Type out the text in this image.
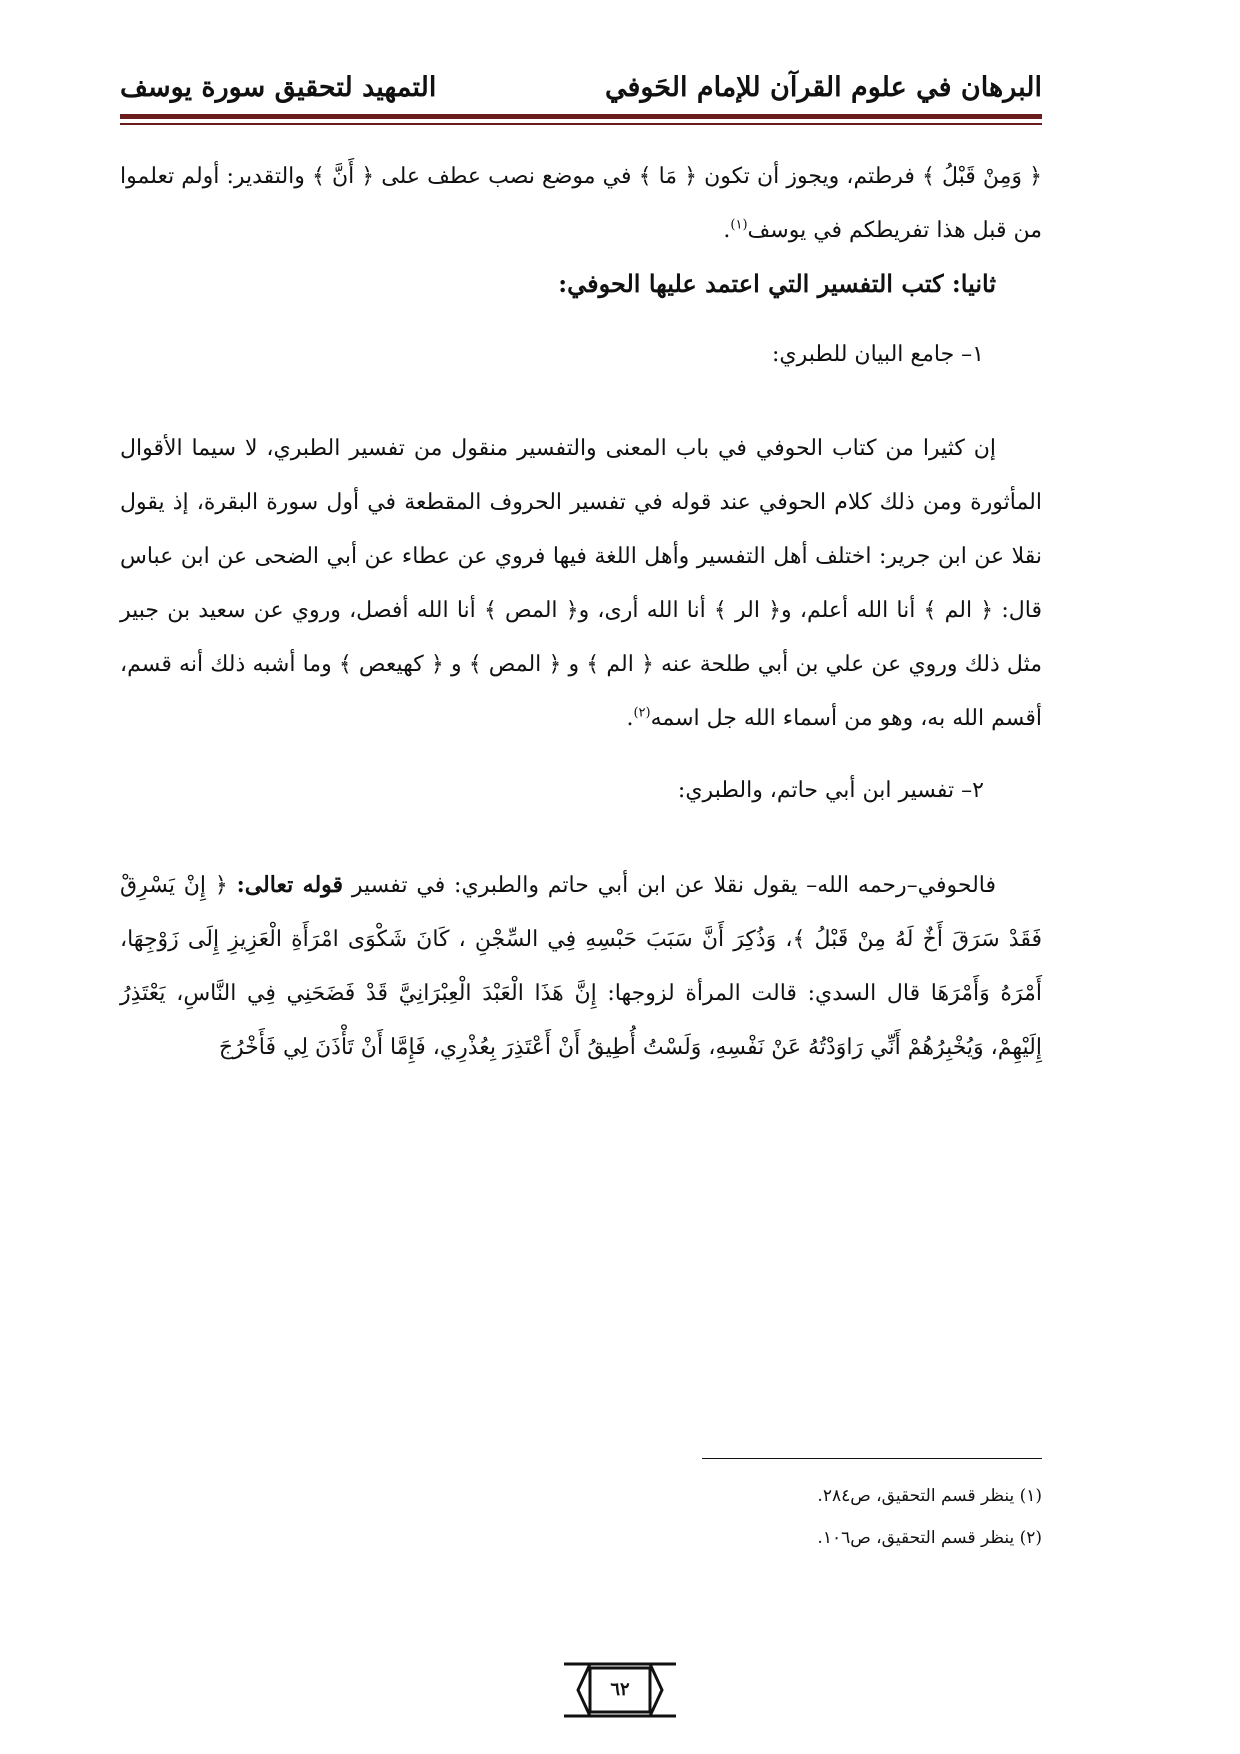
البرهان في علوم القرآن للإمام الحَوفي
التمهيد لتحقيق سورة يوسف

﴿ وَمِنْ قَبْلُ ﴾ فرطتم، ويجوز أن تكون ﴿ مَا ﴾ في موضع نصب عطف على ﴿ أَنَّ ﴾ والتقدير: أولم تعلموا من قبل هذا تفريطكم في يوسف$^{(١)}$.

ثانيا: كتب التفسير التي اعتمد عليها الحوفي:

١– جامع البيان للطبري:

إن كثيرا من كتاب الحوفي في باب المعنى والتفسير منقول من تفسير الطبري، لا سيما الأقوال المأثورة ومن ذلك كلام الحوفي عند قوله في تفسير الحروف المقطعة في أول سورة البقرة، إذ يقول نقلا عن ابن جرير: اختلف أهل التفسير وأهل اللغة فيها فروي عن عطاء عن أبي الضحى عن ابن عباس قال: ﴿ الم ﴾ أنا الله أعلم، و﴿ الر ﴾ أنا الله أرى، و﴿ المص ﴾ أنا الله أفصل، وروي عن سعيد بن جبير مثل ذلك وروي عن علي بن أبي طلحة عنه ﴿ الم ﴾ و ﴿ المص ﴾ و ﴿ كهيعص ﴾ وما أشبه ذلك أنه قسم، أقسم الله به، وهو من أسماء الله جل اسمه$^{(٢)}$.

٢– تفسير ابن أبي حاتم، والطبري:

فالحوفي–رحمه الله– يقول نقلا عن ابن أبي حاتم والطبري: في تفسير قوله تعالى: ﴿ إِنْ يَسْرِقْ فَقَدْ سَرَقَ أَخٌ لَهُ مِنْ قَبْلُ ﴾، وَذُكِرَ أَنَّ سَبَبَ حَبْسِهِ فِي السِّجْنِ ، كَانَ شَكْوَى امْرَأَةِ الْعَزِيزِ إِلَى زَوْجِهَا، أَمْرَهُ وَأَمْرَهَا قال السدي: قالت المرأة لزوجها: إِنَّ هَذَا الْعَبْدَ الْعِبْرَانِيَّ قَدْ فَضَحَنِي فِي النَّاسِ، يَعْتَذِرُ إِلَيْهِمْ، وَيُخْبِرُهُمْ أَنِّي رَاوَدْتُهُ عَنْ نَفْسِهِ، وَلَسْتُ أُطِيقُ أَنْ أَعْتَذِرَ بِعُذْرِي، فَإِمَّا أَنْ تَأْذَنَ لِي فَأَخْرُجَ

(١) ينظر قسم التحقيق، ص٢٨٤.
(٢) ينظر قسم التحقيق، ص١٠٦.
٦٢
